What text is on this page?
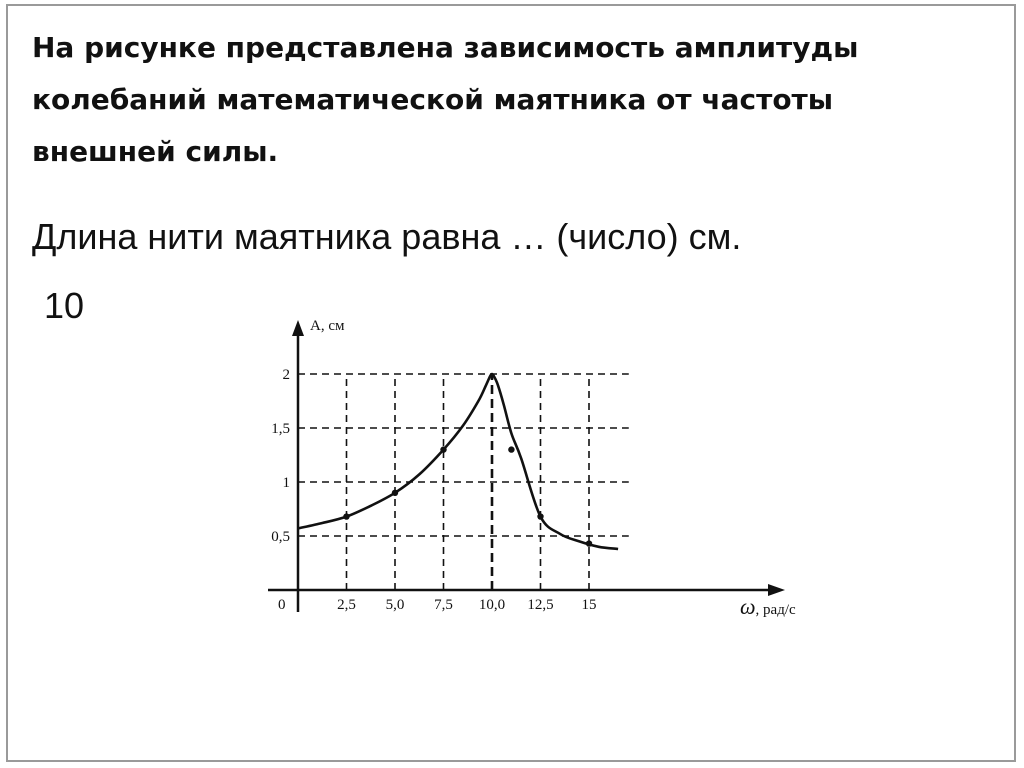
На рисунке представлена зависимость амплитуды колебаний математической маятника от частоты внешней силы.
Длина нити маятника равна … (число) см.
10
0,5
1
1,5
2
2,5 5,0 7,5 10,0 12,5 15
A, см
0	ω, рад/с
